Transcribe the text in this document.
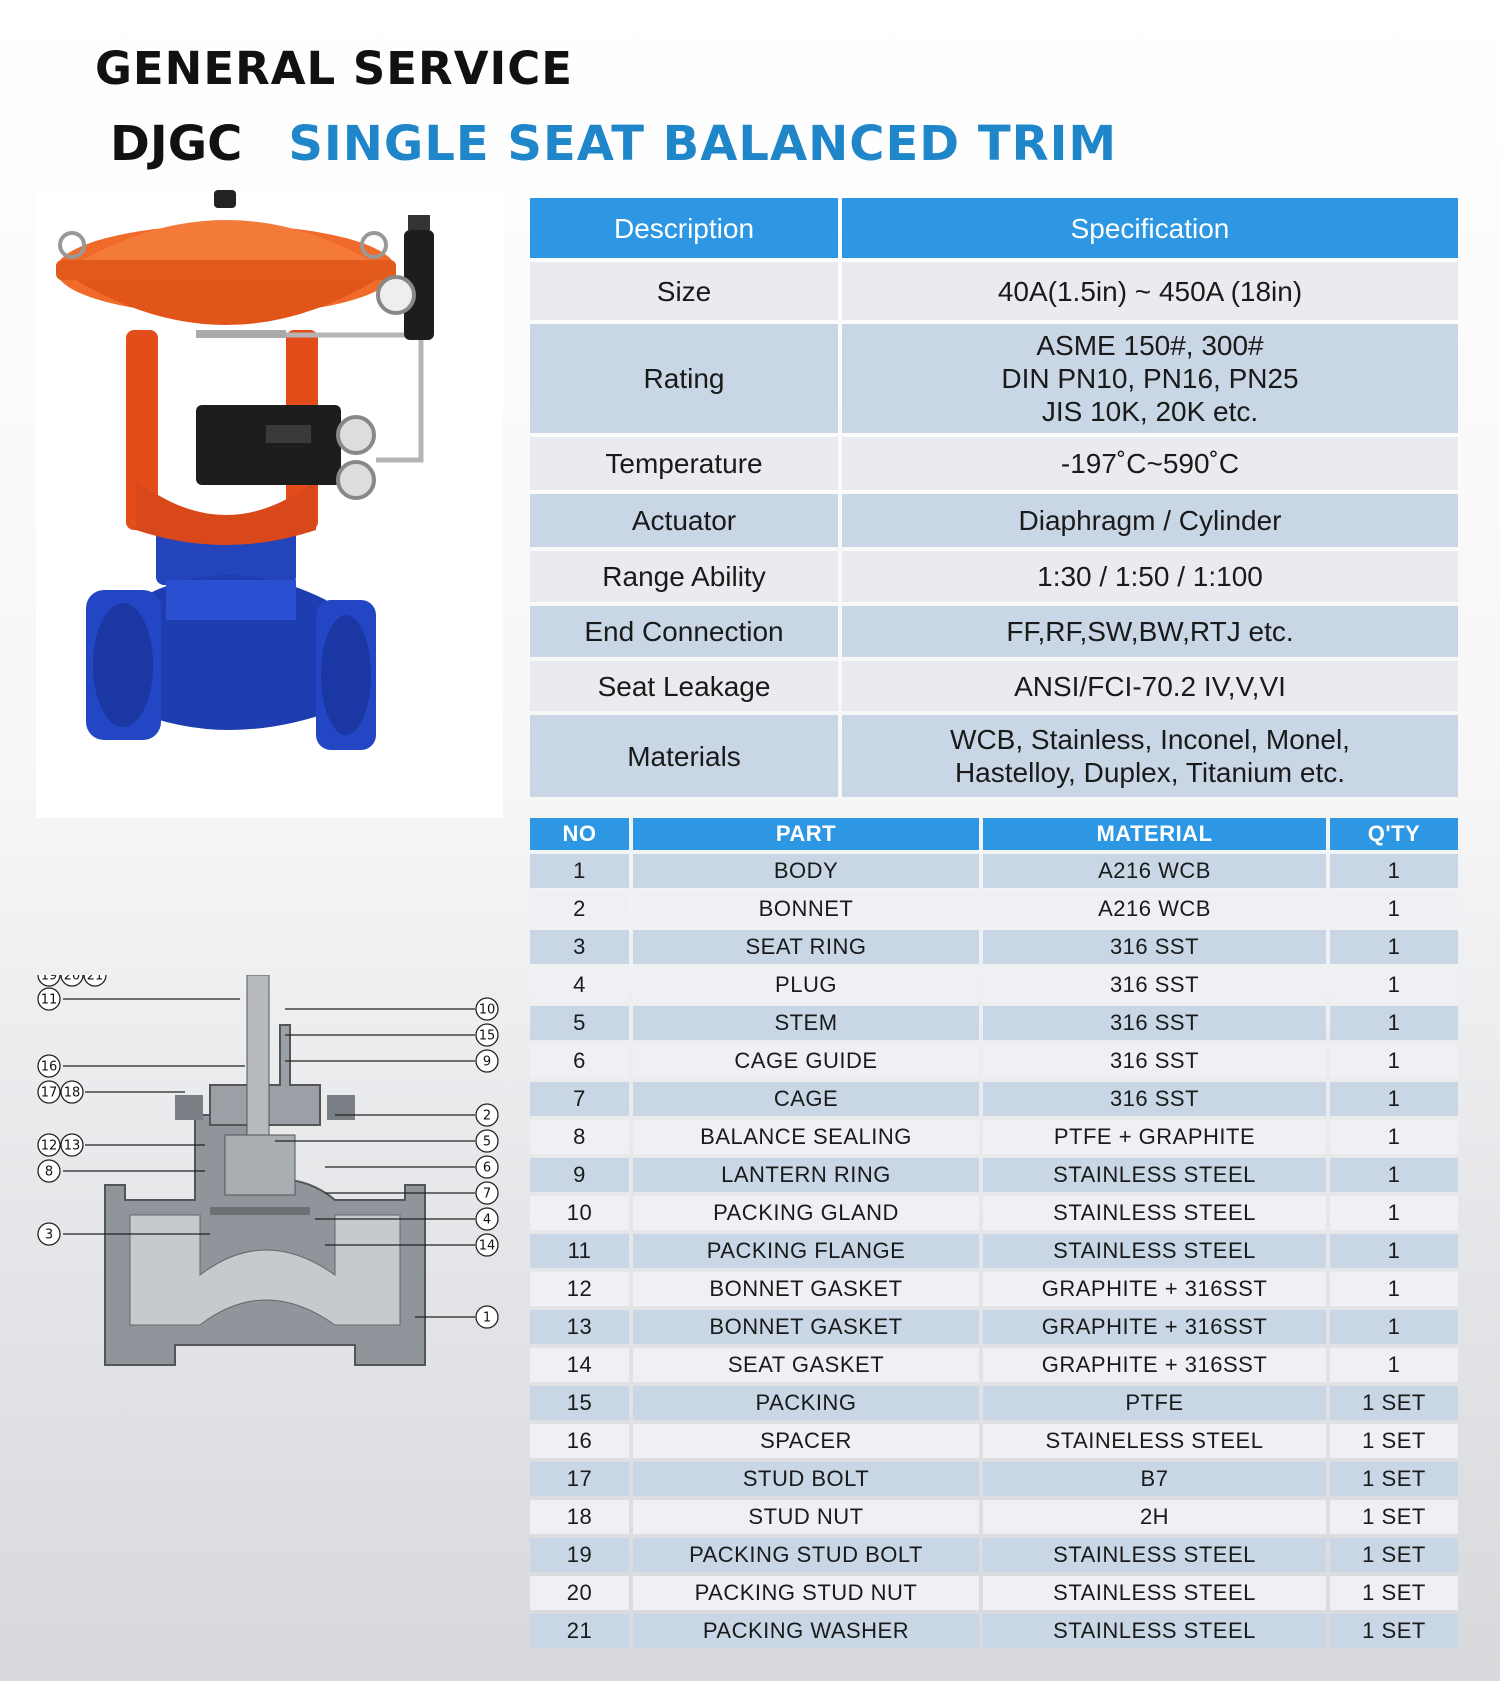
GENERAL SERVICE
DJGC SINGLE SEAT BALANCED TRIM
19 20 21
11
16
17 18
12 13
8
3
10
15
9
2
5
6
7
4
14
1
Description	Specification
Size	40A(1.5in) ~ 450A (18in)
Rating	ASME 150#, 300#
DIN PN10, PN16, PN25
JIS 10K, 20K etc.

Temperature	-197˚C~590˚C
Actuator	Diaphragm / Cylinder
Range Ability	1:30 / 1:50 / 1:100
End Connection	FF,RF,SW,BW,RTJ etc.
Seat Leakage	ANSI/FCI-70.2 IV,V,VI
Materials	WCB, Stainless, Inconel, Monel,
Hastelloy, Duplex, Titanium etc.
NO	PART	MATERIAL	Q'TY
1	BODY	A216 WCB	1
2	BONNET	A216 WCB	1
3	SEAT RING	316 SST	1
4	PLUG	316 SST	1
5	STEM	316 SST	1
6	CAGE GUIDE	316 SST	1
7	CAGE	316 SST	1
8	BALANCE SEALING	PTFE + GRAPHITE	1
9	LANTERN RING	STAINLESS STEEL	1
10	PACKING GLAND	STAINLESS STEEL	1
11	PACKING FLANGE	STAINLESS STEEL	1
12	BONNET GASKET	GRAPHITE + 316SST	1
13	BONNET GASKET	GRAPHITE + 316SST	1
14	SEAT GASKET	GRAPHITE + 316SST	1
15	PACKING	PTFE	1 SET
16	SPACER	STAINELESS STEEL	1 SET
17	STUD BOLT	B7	1 SET
18	STUD NUT	2H	1 SET
19	PACKING STUD BOLT	STAINLESS STEEL	1 SET
20	PACKING STUD NUT	STAINLESS STEEL	1 SET
21	PACKING WASHER	STAINLESS STEEL	1 SET
